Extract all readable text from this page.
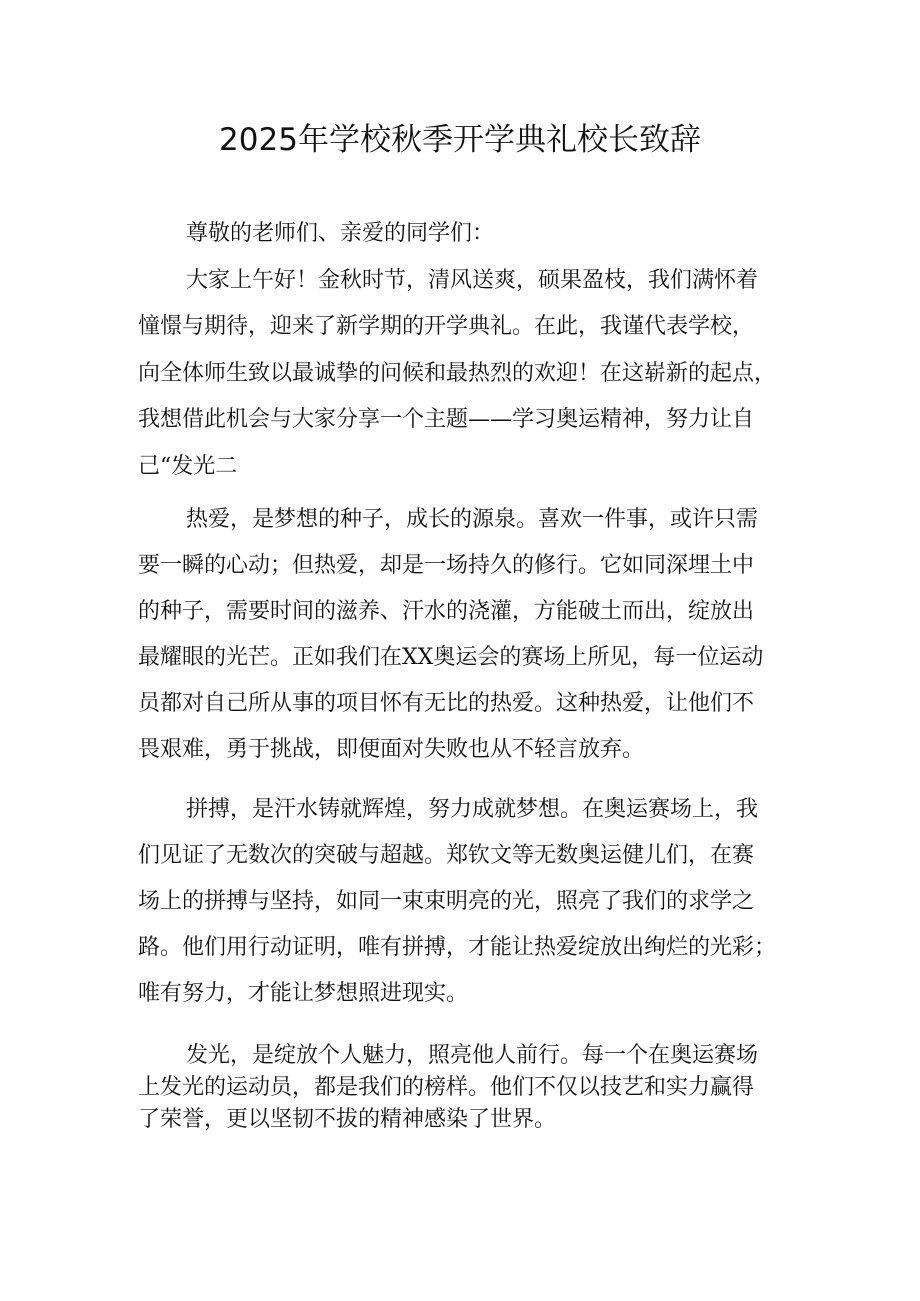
2025年学校秋季开学典礼校长致辞

尊敬的老师们、亲爱的同学们：

大家上午好！金秋时节，清风送爽，硕果盈枝，我们满怀着

憧憬与期待，迎来了新学期的开学典礼。在此，我谨代表学校，

向全体师生致以最诚挚的问候和最热烈的欢迎！在这崭新的起点，

我想借此机会与大家分享一个主题——学习奥运精神，努力让自

己“发光二

热爱，是梦想的种子，成长的源泉。喜欢一件事，或许只需

要一瞬的心动；但热爱，却是一场持久的修行。它如同深埋土中

的种子，需要时间的滋养、汗水的浇灌，方能破土而出，绽放出

最耀眼的光芒。正如我们在XX奥运会的赛场上所见，每一位运动

员都对自己所从事的项目怀有无比的热爱。这种热爱，让他们不

畏艰难，勇于挑战，即便面对失败也从不轻言放弃。

拼搏，是汗水铸就辉煌，努力成就梦想。在奥运赛场上，我

们见证了无数次的突破与超越。郑钦文等无数奥运健儿们，在赛

场上的拼搏与坚持，如同一束束明亮的光，照亮了我们的求学之

路。他们用行动证明，唯有拼搏，才能让热爱绽放出绚烂的光彩；

唯有努力，才能让梦想照进现实。

发光，是绽放个人魅力，照亮他人前行。每一个在奥运赛场

上发光的运动员，都是我们的榜样。他们不仅以技艺和实力赢得

了荣誉，更以坚韧不拔的精神感染了世界。
